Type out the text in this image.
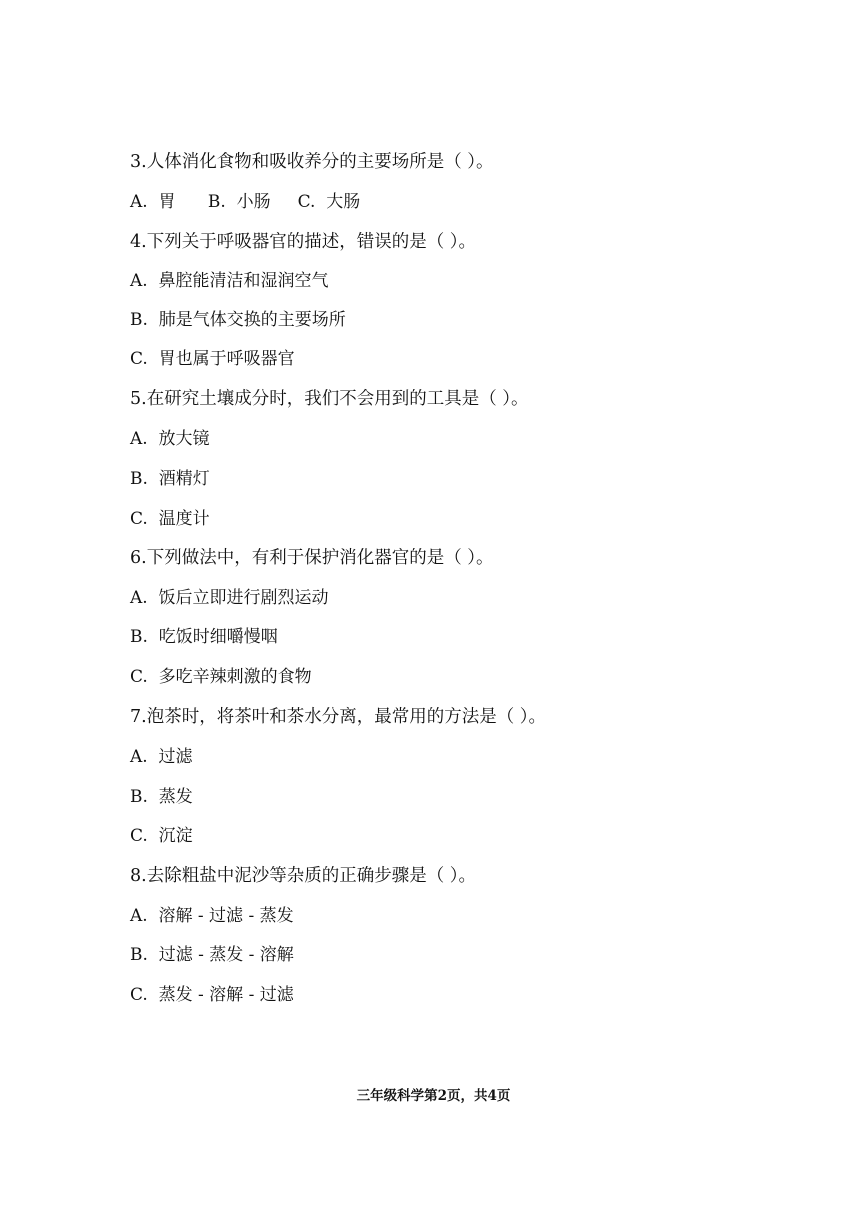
3.人体消化食物和吸收养分的主要场所是（ ）。
A.  胃      B.  小肠     C.  大肠
4.下列关于呼吸器官的描述，错误的是（ ）。
A.  鼻腔能清洁和湿润空气
B.  肺是气体交换的主要场所
C.  胃也属于呼吸器官
5.在研究土壤成分时，我们不会用到的工具是（ ）。
A.  放大镜
B.  酒精灯
C.  温度计
6.下列做法中，有利于保护消化器官的是（ ）。
A.  饭后立即进行剧烈运动
B.  吃饭时细嚼慢咽
C.  多吃辛辣刺激的食物
7.泡茶时，将茶叶和茶水分离，最常用的方法是（ ）。
A.  过滤
B.  蒸发
C.  沉淀
8.去除粗盐中泥沙等杂质的正确步骤是（ ）。
A.  溶解 - 过滤 - 蒸发
B.  过滤 - 蒸发 - 溶解
C.  蒸发 - 溶解 - 过滤
三年级科学第2页，共4页
